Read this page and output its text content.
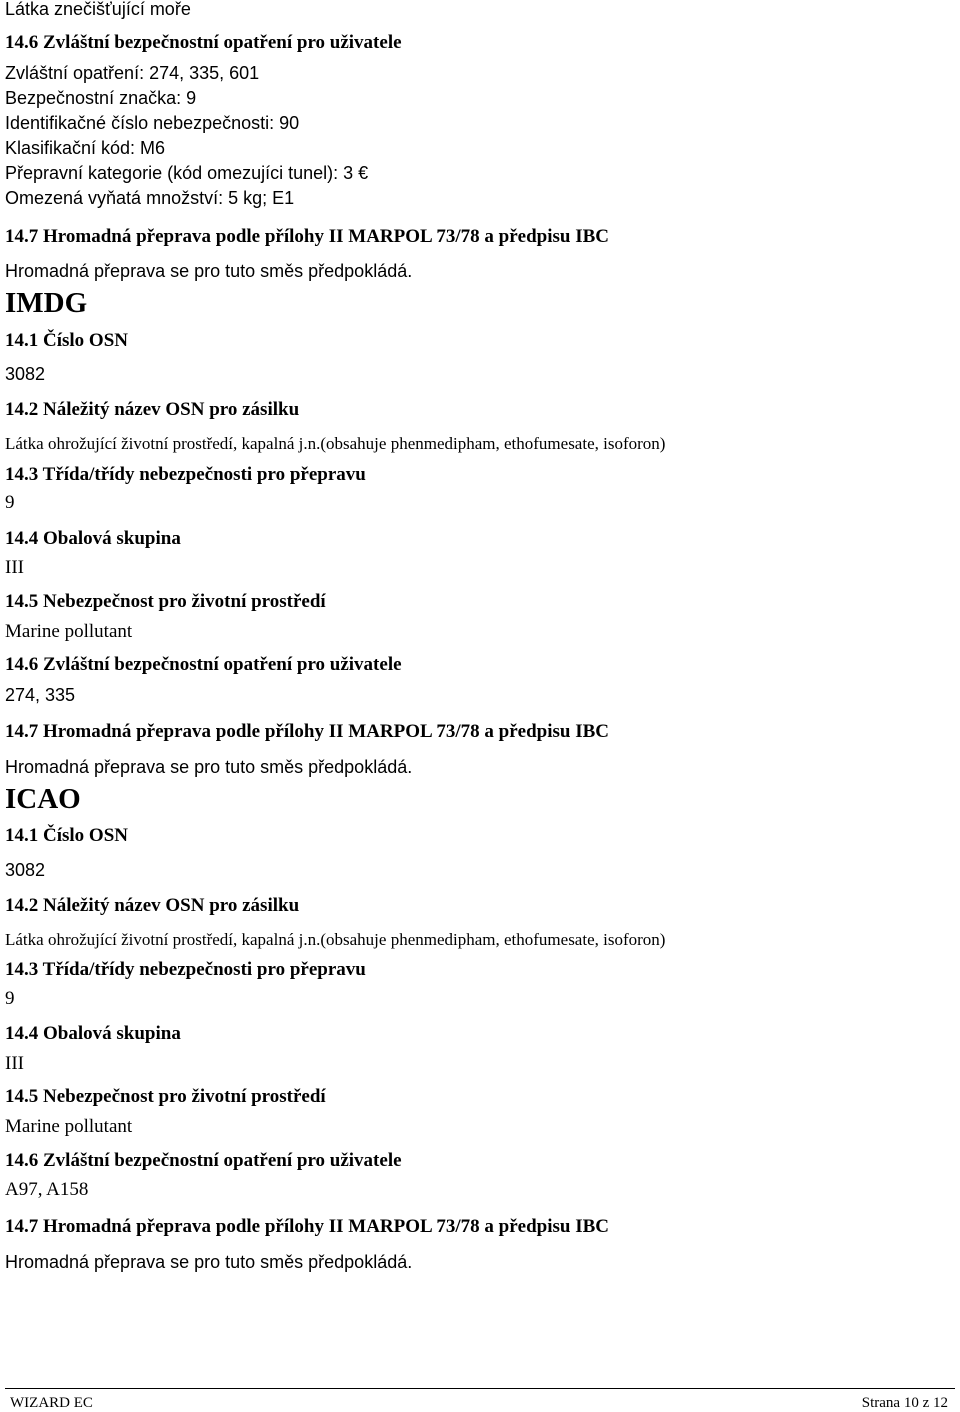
Látka znečišťující moře
14.6 Zvláštní bezpečnostní opatření pro uživatele
Zvláštní opatření: 274, 335, 601
Bezpečnostní značka: 9
Identifikačné číslo nebezpečnosti: 90
Klasifikační kód: M6
Přepravní kategorie (kód omezujíci tunel): 3 €
Omezená vyňatá množství: 5 kg; E1
14.7 Hromadná přeprava podle přílohy II MARPOL 73/78 a předpisu IBC
Hromadná přeprava se pro tuto směs předpokládá.
IMDG
14.1 Číslo OSN
3082
14.2 Náležitý název OSN pro zásilku
Látka ohrožující životní prostředí, kapalná j.n.(obsahuje phenmedipham, ethofumesate, isoforon)
14.3 Třída/třídy nebezpečnosti pro přepravu
9
14.4 Obalová skupina
III
14.5 Nebezpečnost pro životní prostředí
Marine pollutant
14.6 Zvláštní bezpečnostní opatření pro uživatele
274, 335
14.7 Hromadná přeprava podle přílohy II MARPOL 73/78 a předpisu IBC
Hromadná přeprava se pro tuto směs předpokládá.
ICAO
14.1 Číslo OSN
3082
14.2 Náležitý název OSN pro zásilku
Látka ohrožující životní prostředí, kapalná j.n.(obsahuje phenmedipham, ethofumesate, isoforon)
14.3 Třída/třídy nebezpečnosti pro přepravu
9
14.4 Obalová skupina
III
14.5 Nebezpečnost pro životní prostředí
Marine pollutant
14.6 Zvláštní bezpečnostní opatření pro uživatele
A97, A158
14.7 Hromadná přeprava podle přílohy II MARPOL 73/78 a předpisu IBC
Hromadná přeprava se pro tuto směs předpokládá.
WIZARD EC	Strana 10 z 12
